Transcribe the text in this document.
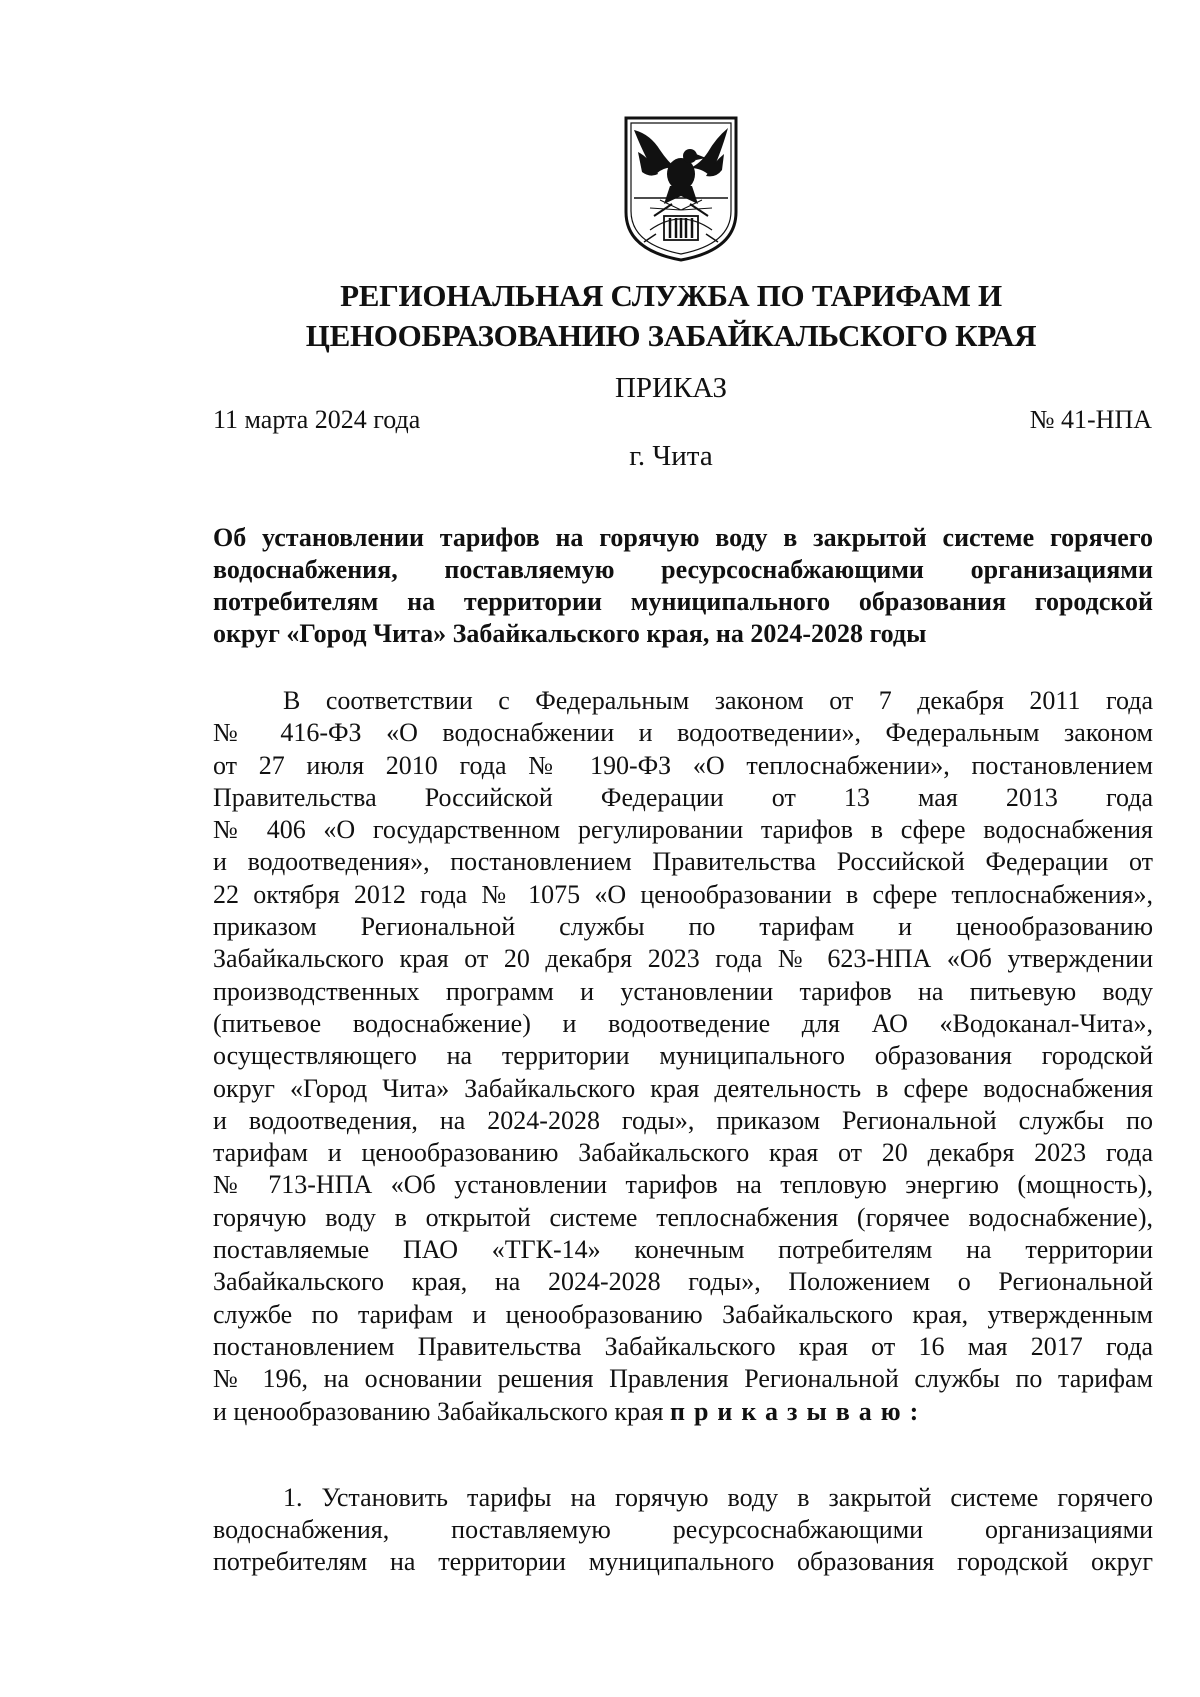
РЕГИОНАЛЬНАЯ СЛУЖБА ПО ТАРИФАМ И
ЦЕНООБРАЗОВАНИЮ ЗАБАЙКАЛЬСКОГО КРАЯ
ПРИКАЗ
11 марта 2024 года	№ 41-НПА
г. Чита
Об установлении тарифов на горячую воду в закрытой системе горячего
водоснабжения, поставляемую ресурсоснабжающими организациями
потребителям на территории муниципального образования городской
округ «Город Чита» Забайкальского края, на 2024-2028 годы
В соответствии с Федеральным законом от 7 декабря 2011 года
№ 416-ФЗ «О водоснабжении и водоотведении», Федеральным законом
от 27 июля 2010 года № 190-ФЗ «О теплоснабжении», постановлением
Правительства Российской Федерации от 13 мая 2013 года
№ 406 «О государственном регулировании тарифов в сфере водоснабжения
и водоотведения», постановлением Правительства Российской Федерации от
22 октября 2012 года № 1075 «О ценообразовании в сфере теплоснабжения»,
приказом Региональной службы по тарифам и ценообразованию
Забайкальского края от 20 декабря 2023 года № 623-НПА «Об утверждении
производственных программ и установлении тарифов на питьевую воду
(питьевое водоснабжение) и водоотведение для АО «Водоканал-Чита»,
осуществляющего на территории муниципального образования городской
округ «Город Чита» Забайкальского края деятельность в сфере водоснабжения
и водоотведения, на 2024-2028 годы», приказом Региональной службы по
тарифам и ценообразованию Забайкальского края от 20 декабря 2023 года
№ 713-НПА «Об установлении тарифов на тепловую энергию (мощность),
горячую воду в открытой системе теплоснабжения (горячее водоснабжение),
поставляемые ПАО «ТГК-14» конечным потребителям на территории
Забайкальского края, на 2024-2028 годы», Положением о Региональной
службе по тарифам и ценообразованию Забайкальского края, утвержденным
постановлением Правительства Забайкальского края от 16 мая 2017 года
№ 196, на основании решения Правления Региональной службы по тарифам
и ценообразованию Забайкальского края приказываю:
1. Установить тарифы на горячую воду в закрытой системе горячего
водоснабжения, поставляемую ресурсоснабжающими организациями
потребителям на территории муниципального образования городской округ
